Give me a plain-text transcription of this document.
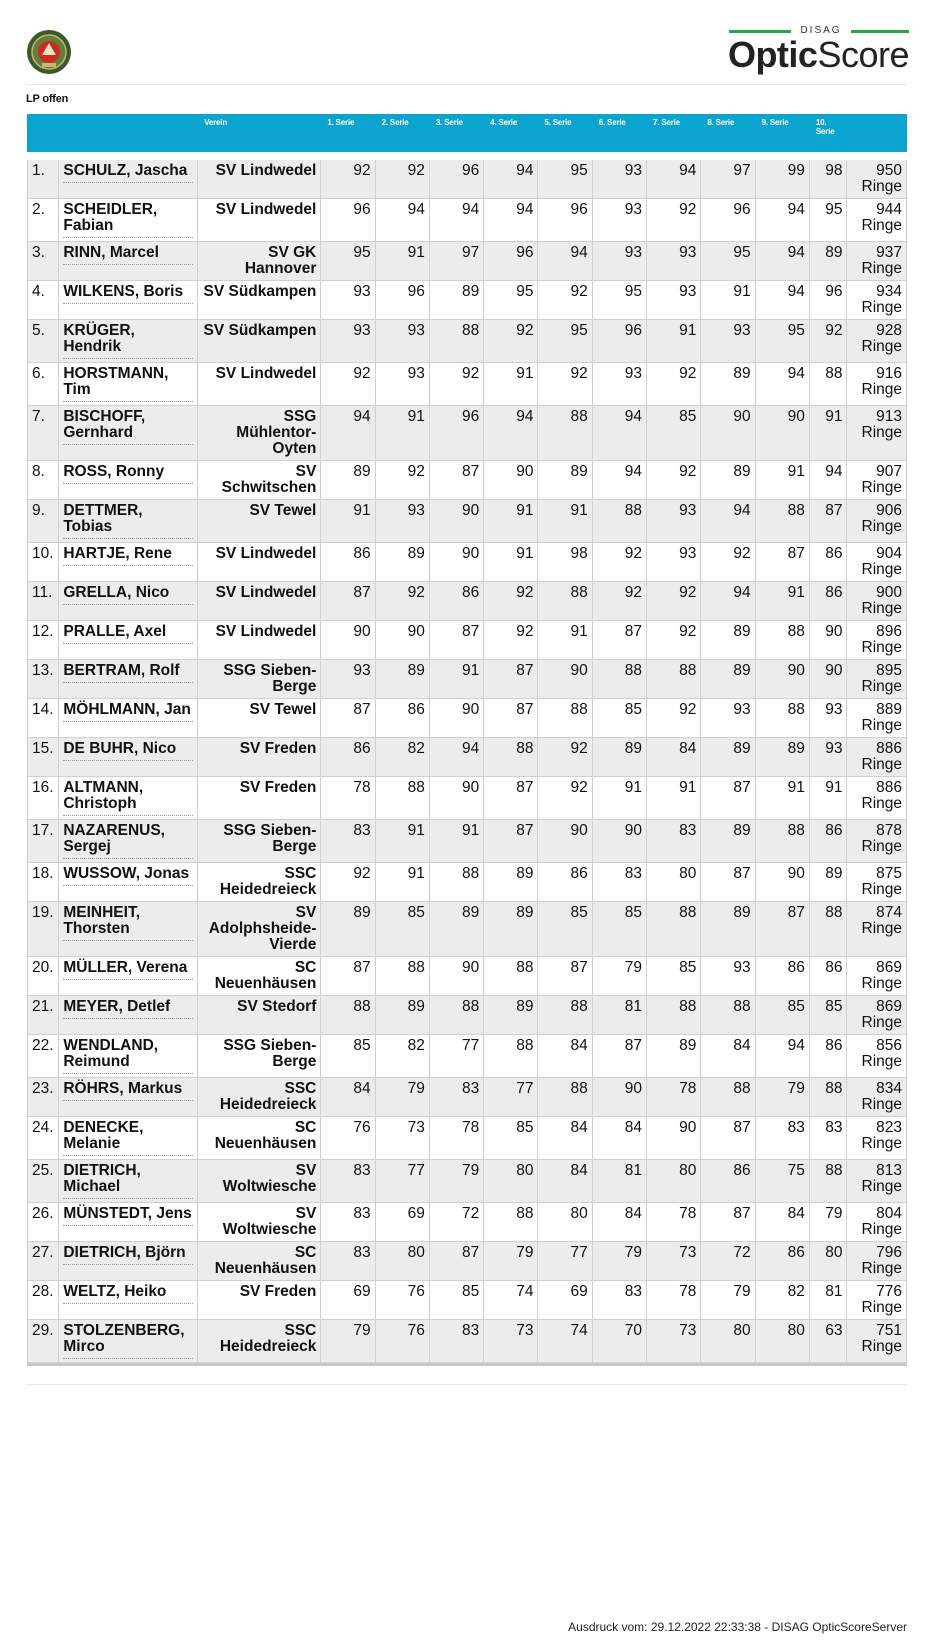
DISAG
OpticScore
LP offen
		Verein	1. Serie	2. Serie	3. Serie	4. Serie	5. Serie	6. Serie	7. Serie	8. Serie	9. Serie	10. Serie	

1.	SCHULZ, Jascha	SV Lindwedel	92	92	96	94	95	93	94	97	99	98	950 Ringe
2.	SCHEIDLER, Fabian	SV Lindwedel	96	94	94	94	96	93	92	96	94	95	944 Ringe
3.	RINN, Marcel	SV GK Hannover	95	91	97	96	94	93	93	95	94	89	937 Ringe
4.	WILKENS, Boris	SV Südkampen	93	96	89	95	92	95	93	91	94	96	934 Ringe
5.	KRÜGER, Hendrik	SV Südkampen	93	93	88	92	95	96	91	93	95	92	928 Ringe
6.	HORSTMANN, Tim	SV Lindwedel	92	93	92	91	92	93	92	89	94	88	916 Ringe
7.	BISCHOFF, Gernhard	SSG Mühlentor-Oyten	94	91	96	94	88	94	85	90	90	91	913 Ringe
8.	ROSS, Ronny	SV Schwitschen	89	92	87	90	89	94	92	89	91	94	907 Ringe
9.	DETTMER, Tobias	SV Tewel	91	93	90	91	91	88	93	94	88	87	906 Ringe
10.	HARTJE, Rene	SV Lindwedel	86	89	90	91	98	92	93	92	87	86	904 Ringe
11.	GRELLA, Nico	SV Lindwedel	87	92	86	92	88	92	92	94	91	86	900 Ringe
12.	PRALLE, Axel	SV Lindwedel	90	90	87	92	91	87	92	89	88	90	896 Ringe
13.	BERTRAM, Rolf	SSG Sieben-Berge	93	89	91	87	90	88	88	89	90	90	895 Ringe
14.	MÖHLMANN, Jan	SV Tewel	87	86	90	87	88	85	92	93	88	93	889 Ringe
15.	DE BUHR, Nico	SV Freden	86	82	94	88	92	89	84	89	89	93	886 Ringe
16.	ALTMANN, Christoph	SV Freden	78	88	90	87	92	91	91	87	91	91	886 Ringe
17.	NAZARENUS, Sergej	SSG Sieben-Berge	83	91	91	87	90	90	83	89	88	86	878 Ringe
18.	WUSSOW, Jonas	SSC Heidedreieck	92	91	88	89	86	83	80	87	90	89	875 Ringe
19.	MEINHEIT, Thorsten	SV Adolphsheide-Vierde	89	85	89	89	85	85	88	89	87	88	874 Ringe
20.	MÜLLER, Verena	SC Neuenhäusen	87	88	90	88	87	79	85	93	86	86	869 Ringe
21.	MEYER, Detlef	SV Stedorf	88	89	88	89	88	81	88	88	85	85	869 Ringe
22.	WENDLAND, Reimund	SSG Sieben-Berge	85	82	77	88	84	87	89	84	94	86	856 Ringe
23.	RÖHRS, Markus	SSC Heidedreieck	84	79	83	77	88	90	78	88	79	88	834 Ringe
24.	DENECKE, Melanie	SC Neuenhäusen	76	73	78	85	84	84	90	87	83	83	823 Ringe
25.	DIETRICH, Michael	SV Woltwiesche	83	77	79	80	84	81	80	86	75	88	813 Ringe
26.	MÜNSTEDT, Jens	SV Woltwiesche	83	69	72	88	80	84	78	87	84	79	804 Ringe
27.	DIETRICH, Björn	SC Neuenhäusen	83	80	87	79	77	79	73	72	86	80	796 Ringe
28.	WELTZ, Heiko	SV Freden	69	76	85	74	69	83	78	79	82	81	776 Ringe
29.	STOLZENBERG, Mirco	SSC Heidedreieck	79	76	83	73	74	70	73	80	80	63	751 Ringe
Ausdruck vom: 29.12.2022 22:33:38 - DISAG OpticScoreServer
